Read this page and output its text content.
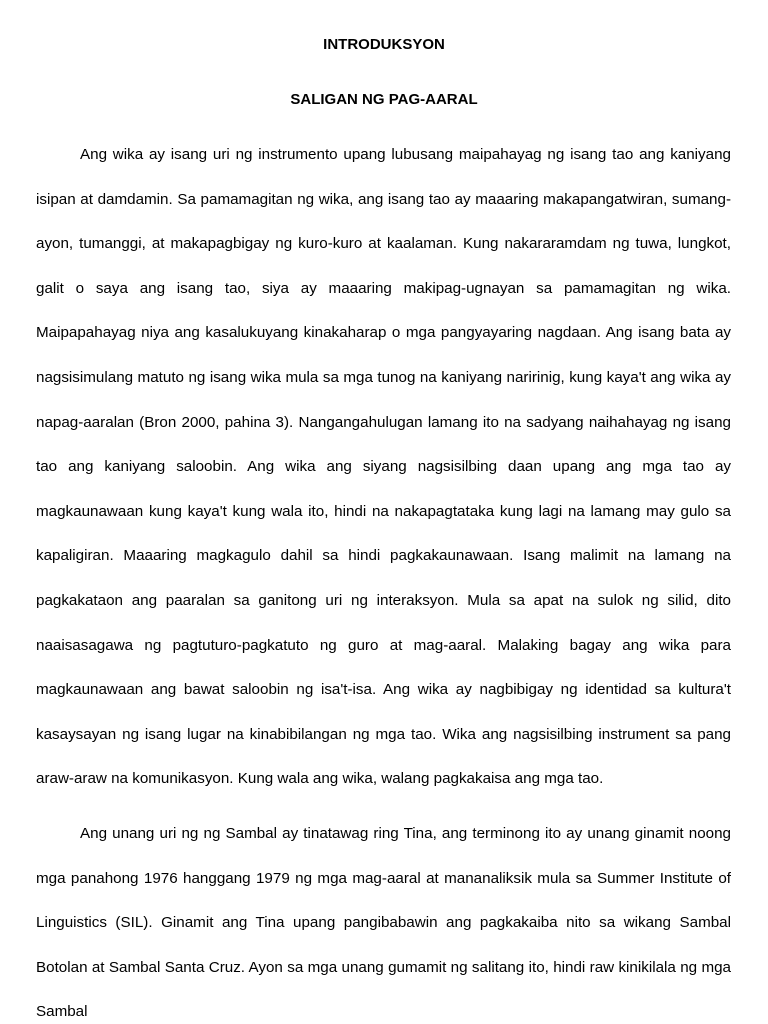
INTRODUKSYON
SALIGAN NG PAG-AARAL

Ang wika ay isang uri ng instrumento upang lubusang maipahayag ng isang tao ang kaniyang isipan at damdamin. Sa pamamagitan ng wika, ang isang tao ay maaaring makapangatwiran, sumang-ayon, tumanggi, at makapagbigay ng kuro-kuro at kaalaman. Kung nakararamdam ng tuwa, lungkot, galit o saya ang isang tao, siya ay maaaring makipag-ugnayan sa pamamagitan ng wika. Maipapahayag niya ang kasalukuyang kinakaharap o mga pangyayaring nagdaan. Ang isang bata ay nagsisimulang matuto ng isang wika mula sa mga tunog na kaniyang naririnig, kung kaya't ang wika ay napag-aaralan (Bron 2000, pahina 3). Nangangahulugan lamang ito na sadyang naihahayag ng isang tao ang kaniyang saloobin. Ang wika ang siyang nagsisilbing daan upang ang mga tao ay magkaunawaan kung kaya't kung wala ito, hindi na nakapagtataka kung lagi na lamang may gulo sa kapaligiran. Maaaring magkagulo dahil sa hindi pagkakaunawaan. Isang malimit na lamang na pagkakataon ang paaralan sa ganitong uri ng interaksyon. Mula sa apat na sulok ng silid, dito naaisasagawa ng pagtuturo-pagkatuto ng guro at mag-aaral. Malaking bagay ang wika para magkaunawaan ang bawat saloobin ng isa't-isa. Ang wika ay nagbibigay ng identidad sa kultura't kasaysayan ng isang lugar na kinabibilangan ng mga tao. Wika ang nagsisilbing instrument sa pang araw-araw na komunikasyon. Kung wala ang wika, walang pagkakaisa ang mga tao.

Ang unang uri ng ng Sambal ay tinatawag ring Tina, ang terminong ito ay unang ginamit noong mga panahong 1976 hanggang 1979 ng mga mag-aaral at mananaliksik mula sa Summer Institute of Linguistics (SIL). Ginamit ang Tina upang pangibabawin ang pagkakaiba nito sa wikang Sambal Botolan at Sambal Santa Cruz. Ayon sa mga unang gumamit ng salitang ito, hindi raw kinikilala ng mga Sambal
